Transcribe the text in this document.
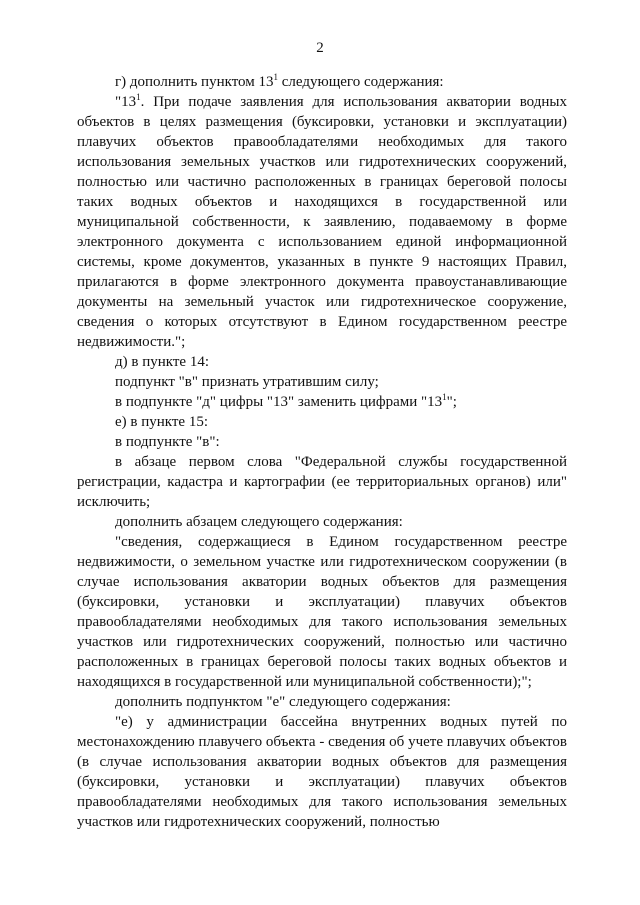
2

г) дополнить пунктом $13^1$ следующего содержания:

"$13^1$. При подаче заявления для использования акватории водных объектов в целях размещения (буксировки, установки и эксплуатации) плавучих объектов правообладателями необходимых для такого использования земельных участков или гидротехнических сооружений, полностью или частично расположенных в границах береговой полосы таких водных объектов и находящихся в государственной или муниципальной собственности, к заявлению, подаваемому в форме электронного документа с использованием единой информационной системы, кроме документов, указанных в пункте 9 настоящих Правил, прилагаются в форме электронного документа правоустанавливающие документы на земельный участок или гидротехническое сооружение, сведения о которых отсутствуют в Едином государственном реестре недвижимости.";

д) в пункте 14:

подпункт "в" признать утратившим силу;

в подпункте "д" цифры "13" заменить цифрами "$13^1$";

е) в пункте 15:

в подпункте "в":

в абзаце первом слова "Федеральной службы государственной регистрации, кадастра и картографии (ее территориальных органов) или" исключить;

дополнить абзацем следующего содержания:

"сведения, содержащиеся в Едином государственном реестре недвижимости, о земельном участке или гидротехническом сооружении (в случае использования акватории водных объектов для размещения (буксировки, установки и эксплуатации) плавучих объектов правообладателями необходимых для такого использования земельных участков или гидротехнических сооружений, полностью или частично расположенных в границах береговой полосы таких водных объектов и находящихся в государственной или муниципальной собственности);";

дополнить подпунктом "е" следующего содержания:

"е) у администрации бассейна внутренних водных путей по местонахождению плавучего объекта - сведения об учете плавучих объектов (в случае использования акватории водных объектов для размещения (буксировки, установки и эксплуатации) плавучих объектов правообладателями необходимых для такого использования земельных участков или гидротехнических сооружений, полностью
